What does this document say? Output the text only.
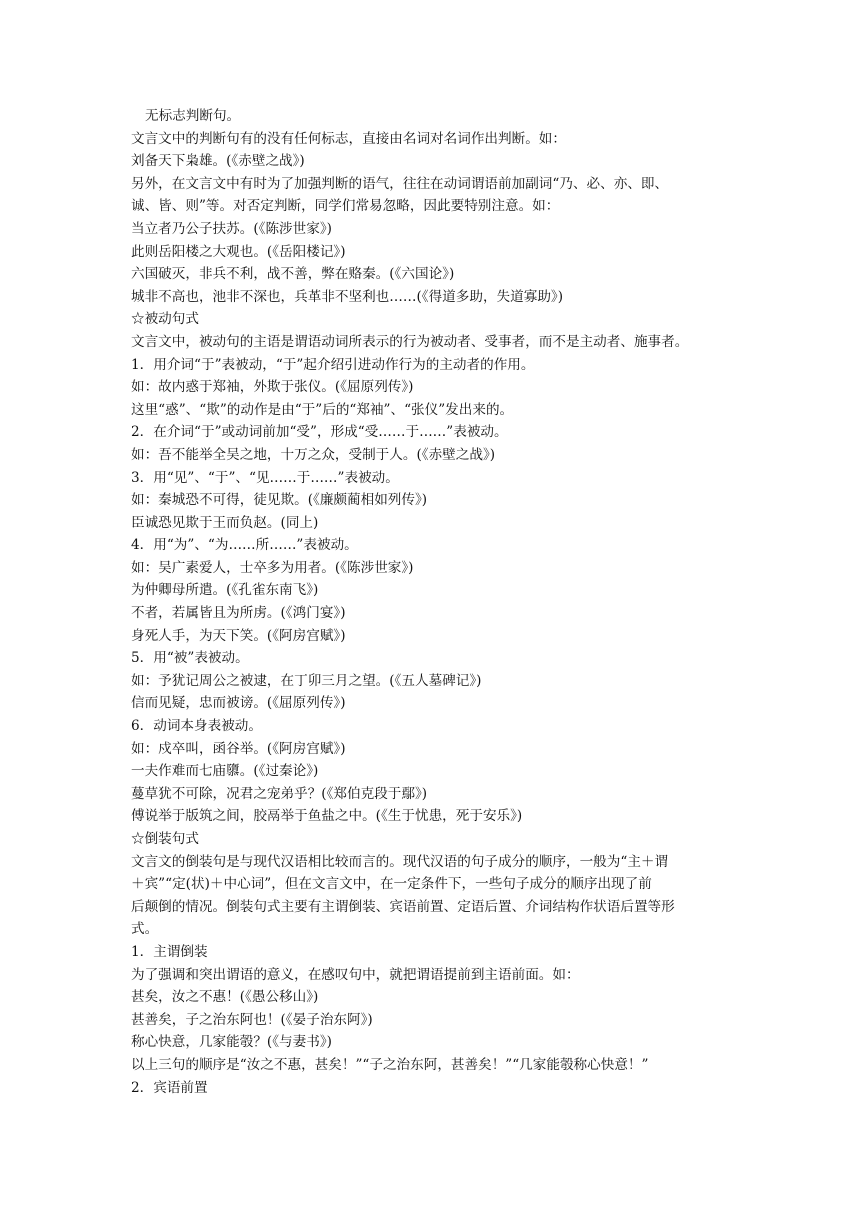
无标志判断句。
文言文中的判断句有的没有任何标志，直接由名词对名词作出判断。如：
刘备天下枭雄。(《赤壁之战》)
另外，在文言文中有时为了加强判断的语气，往往在动词谓语前加副词“乃、必、亦、即、
诚、皆、则”等。对否定判断，同学们常易忽略，因此要特别注意。如：
当立者乃公子扶苏。(《陈涉世家》)
此则岳阳楼之大观也。(《岳阳楼记》)
六国破灭，非兵不利，战不善，弊在赂秦。(《六国论》)
城非不高也，池非不深也，兵革非不坚利也……(《得道多助，失道寡助》)
☆被动句式
文言文中，被动句的主语是谓语动词所表示的行为被动者、受事者，而不是主动者、施事者。
1．用介词“于”表被动，“于”起介绍引进动作行为的主动者的作用。
如：故内惑于郑袖，外欺于张仪。(《屈原列传》)
这里“惑”、“欺”的动作是由“于”后的“郑袖”、“张仪”发出来的。
2．在介词“于”或动词前加“受”，形成“受……于……”表被动。
如：吾不能举全吴之地，十万之众，受制于人。(《赤壁之战》)
3．用“见”、“于”、“见……于……”表被动。
如：秦城恐不可得，徒见欺。(《廉颇蔺相如列传》)
臣诚恐见欺于王而负赵。(同上)
4．用“为”、“为……所……”表被动。
如：吴广素爱人，士卒多为用者。(《陈涉世家》)
为仲卿母所遣。(《孔雀东南飞》)
不者，若属皆且为所虏。(《鸿门宴》)
身死人手，为天下笑。(《阿房宫赋》)
5．用“被”表被动。
如：予犹记周公之被逮，在丁卯三月之望。(《五人墓碑记》)
信而见疑，忠而被谤。(《屈原列传》)
6．动词本身表被动。
如：戍卒叫，函谷举。(《阿房宫赋》)
一夫作难而七庙隳。(《过秦论》)
蔓草犹不可除，况君之宠弟乎？(《郑伯克段于鄢》)
傅说举于版筑之间，胶鬲举于鱼盐之中。(《生于忧患，死于安乐》)
☆倒装句式
文言文的倒装句是与现代汉语相比较而言的。现代汉语的句子成分的顺序，一般为“主＋谓
＋宾”“定(状)＋中心词”，但在文言文中，在一定条件下，一些句子成分的顺序出现了前
后颠倒的情况。倒装句式主要有主谓倒装、宾语前置、定语后置、介词结构作状语后置等形
式。
1．主谓倒装
为了强调和突出谓语的意义，在感叹句中，就把谓语提前到主语前面。如：
甚矣，汝之不惠！(《愚公移山》)
甚善矣，子之治东阿也！(《晏子治东阿》)
称心快意，几家能彀？(《与妻书》)
以上三句的顺序是“汝之不惠，甚矣！”“子之治东阿，甚善矣！”“几家能彀称心快意！”
2．宾语前置
